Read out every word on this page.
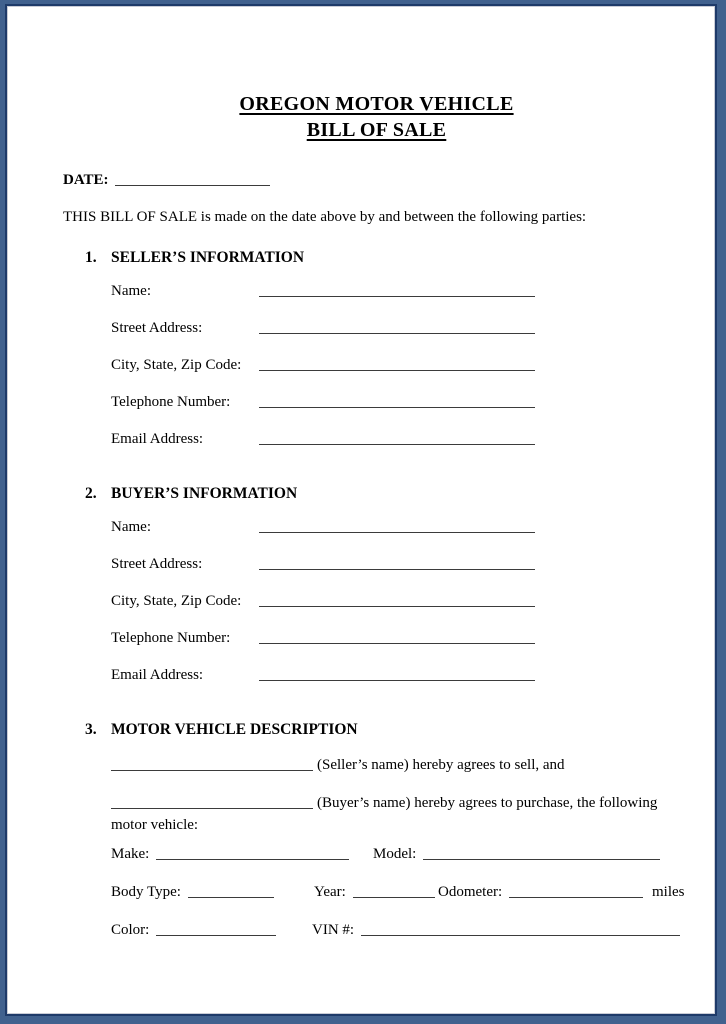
OREGON MOTOR VEHICLE
BILL OF SALE
DATE:

THIS BILL OF SALE is made on the date above by and between the following parties:

1. SELLER’S INFORMATION
Name:
Street Address:
City, State, Zip Code:
Telephone Number:
Email Address:
2. BUYER’S INFORMATION
Name:
Street Address:
City, State, Zip Code:
Telephone Number:
Email Address:
3. MOTOR VEHICLE DESCRIPTION

(Seller’s name) hereby agrees to sell, and

(Buyer’s name) hereby agrees to purchase, the following motor vehicle:

Make:	Model:
Body Type:	Year:	Odometer:	miles
Color:	VIN #:
